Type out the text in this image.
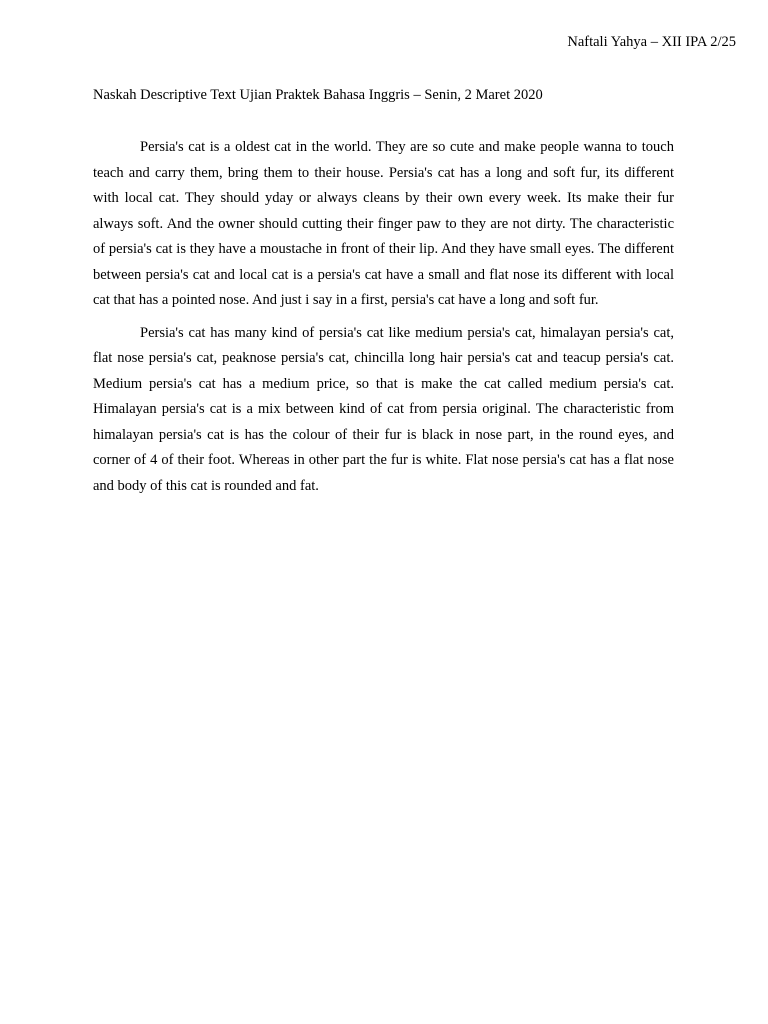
Naftali Yahya – XII IPA 2/25
Naskah Descriptive Text Ujian Praktek Bahasa Inggris – Senin, 2 Maret 2020

Persia's cat is a oldest cat in the world. They are so cute and make people wanna to touch teach and carry them, bring them to their house. Persia's cat has a long and soft fur, its different with local cat. They should yday or always cleans by their own every week. Its make their fur always soft. And the owner should cutting their finger paw to they are not dirty. The characteristic of persia's cat is they have a moustache in front of their lip. And they have small eyes. The different between persia's cat and local cat is a persia's cat have a small and flat nose its different with local cat that has a pointed nose. And just i say in a first, persia's cat have a long and soft fur.

Persia's cat has many kind of persia's cat like medium persia's cat, himalayan persia's cat, flat nose persia's cat, peaknose persia's cat, chincilla long hair persia's cat and teacup persia's cat. Medium persia's cat has a medium price, so that is make the cat called medium persia's cat. Himalayan persia's cat is a mix between kind of cat from persia original. The characteristic from himalayan persia's cat is has the colour of their fur is black in nose part, in the round eyes, and corner of 4 of their foot. Whereas in other part the fur is white. Flat nose persia's cat has a flat nose and body of this cat is rounded and fat.
